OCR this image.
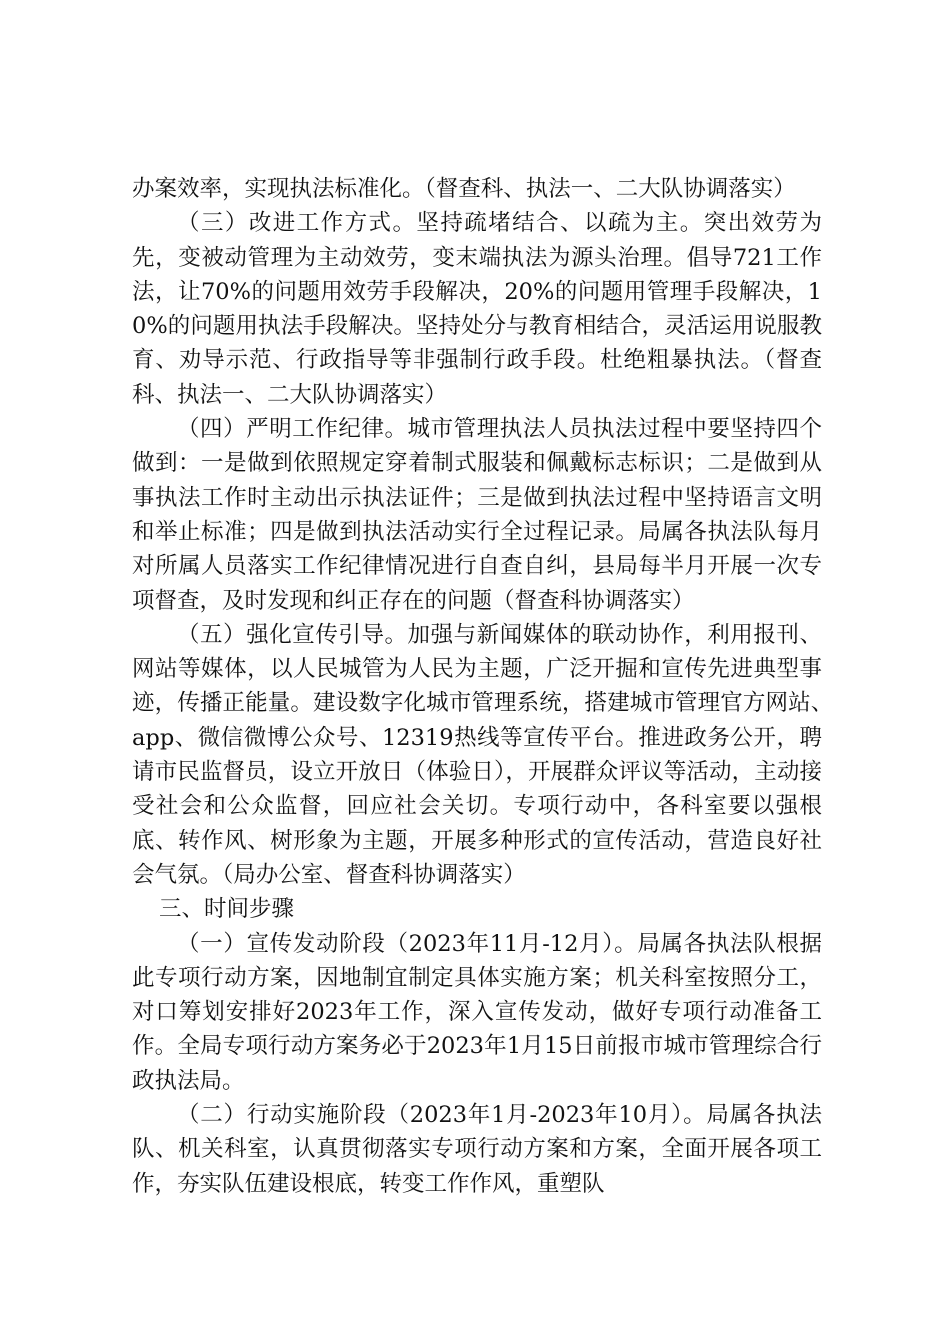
办案效率，实现执法标准化。（督查科、执法一、二大队协调落实）

（三）改进工作方式。坚持疏堵结合、以疏为主。突出效劳为先，变被动管理为主动效劳，变末端执法为源头治理。倡导721工作法，让70%的问题用效劳手段解决，20%的问题用管理手段解决，10%的问题用执法手段解决。坚持处分与教育相结合，灵活运用说服教育、劝导示范、行政指导等非强制行政手段。杜绝粗暴执法。（督查科、执法一、二大队协调落实）

（四）严明工作纪律。城市管理执法人员执法过程中要坚持四个做到：一是做到依照规定穿着制式服装和佩戴标志标识；二是做到从事执法工作时主动出示执法证件；三是做到执法过程中坚持语言文明和举止标准；四是做到执法活动实行全过程记录。局属各执法队每月对所属人员落实工作纪律情况进行自查自纠，县局每半月开展一次专项督查，及时发现和纠正存在的问题（督查科协调落实）

（五）强化宣传引导。加强与新闻媒体的联动协作，利用报刊、网站等媒体，以人民城管为人民为主题，广泛开掘和宣传先进典型事迹，传播正能量。建设数字化城市管理系统，搭建城市管理官方网站、　app、微信微博公众号、12319热线等宣传平台。推进政务公开，聘请市民监督员，设立开放日（体验日），开展群众评议等活动，主动接受社会和公众监督，回应社会关切。专项行动中，各科室要以强根底、转作风、树形象为主题，开展多种形式的宣传活动，营造良好社会气氛。（局办公室、督查科协调落实）

三、时间步骤

（一）宣传发动阶段（2023年11月-12月）。局属各执法队根据此专项行动方案，因地制宜制定具体实施方案；机关科室按照分工，对口筹划安排好2023年工作，深入宣传发动，做好专项行动准备工作。全局专项行动方案务必于2023年1月15日前报市城市管理综合行政执法局。

（二）行动实施阶段（2023年1月-2023年10月）。局属各执法队、机关科室，认真贯彻落实专项行动方案和方案，全面开展各项工作，夯实队伍建设根底，转变工作作风，重塑队
